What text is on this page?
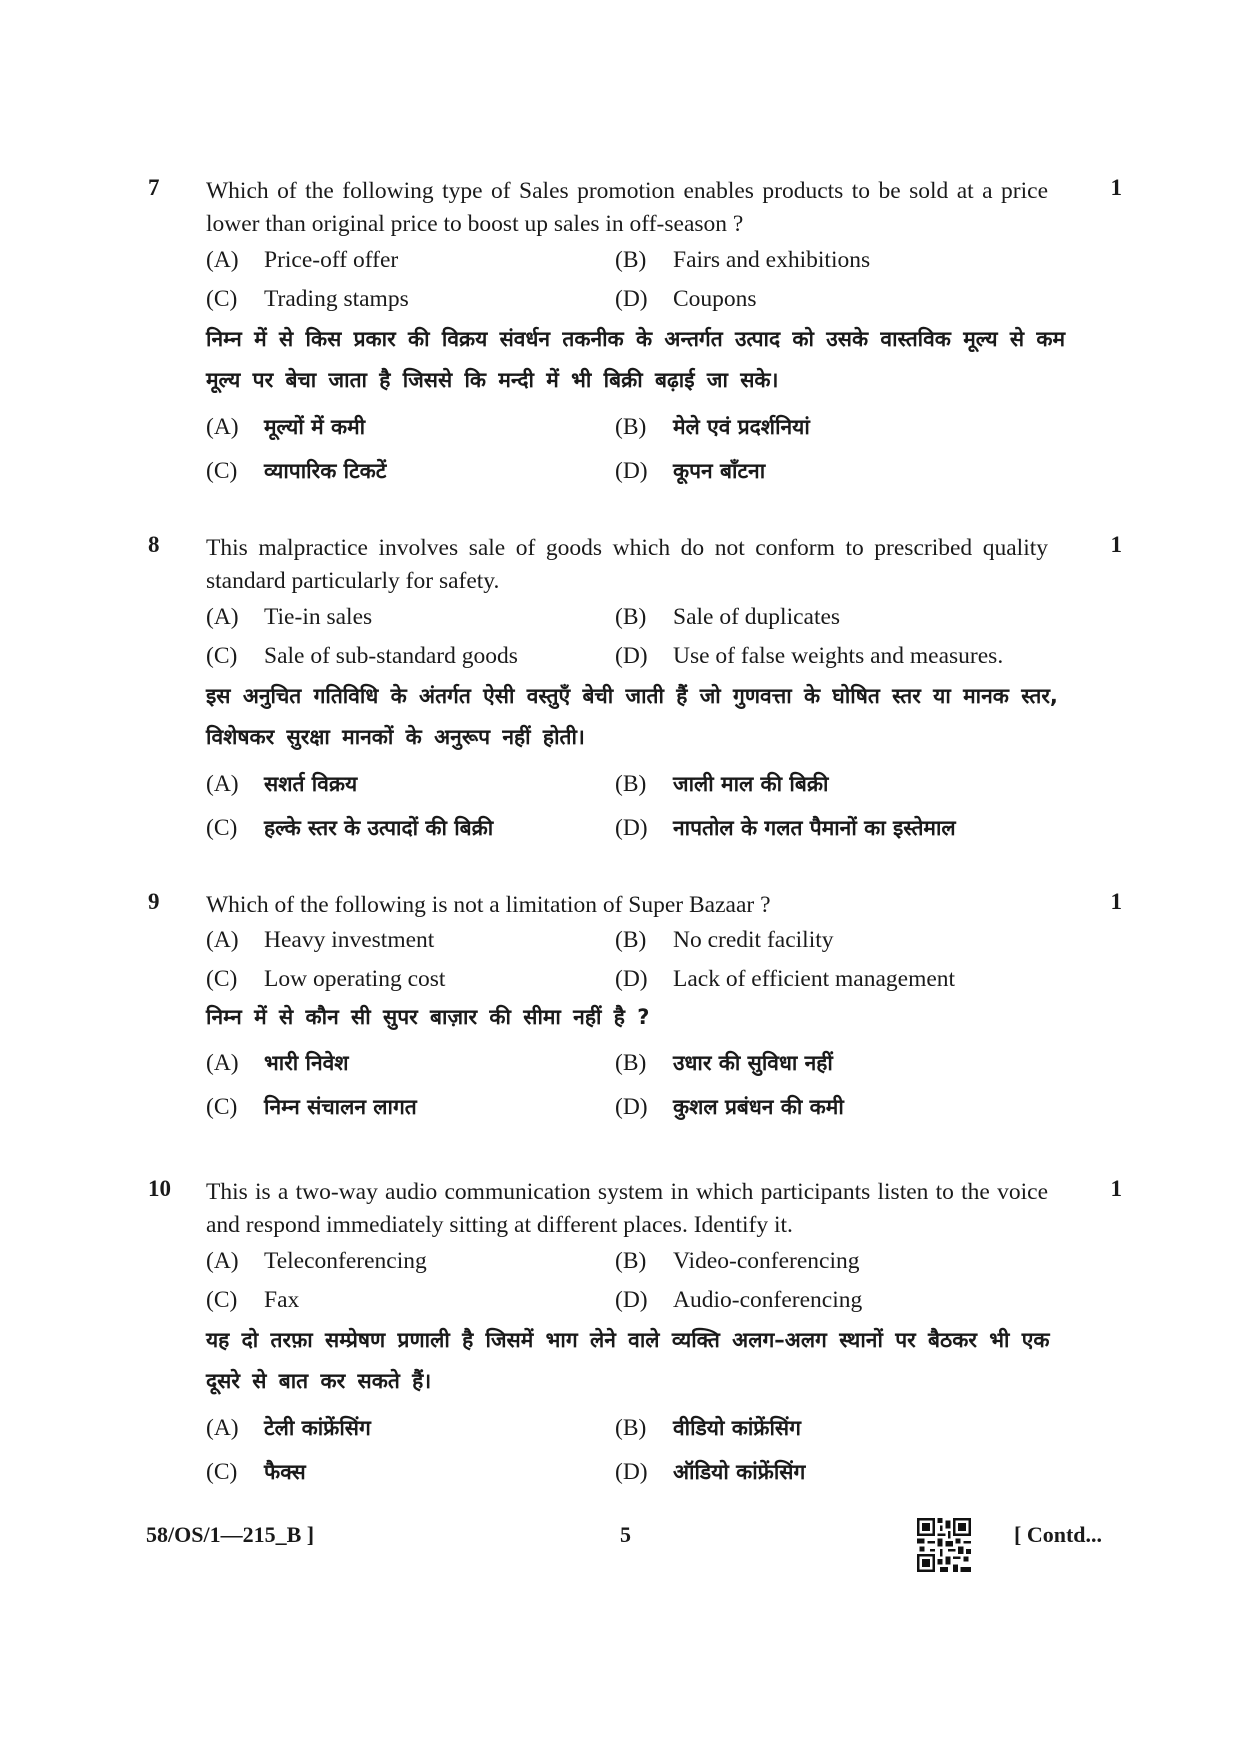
7	1
Which of the following type of Sales promotion enables products to be sold at a price lower than original price to boost up sales in off-season ?
(A) Price-off offer	(B) Fairs and exhibitions
(C) Trading stamps	(D) Coupons
निम्न में से किस प्रकार की विक्रय संवर्धन तकनीक के अन्तर्गत उत्पाद को उसके वास्तविक मूल्य से कम मूल्य पर बेचा जाता है जिससे कि मन्दी में भी बिक्री बढ़ाई जा सके।
(A) मूल्यों में कमी	(B) मेले एवं प्रदर्शनियां
(C) व्यापारिक टिकटें	(D) कूपन बाँटना
8	1
This malpractice involves sale of goods which do not conform to prescribed quality standard particularly for safety.
(A) Tie-in sales	(B) Sale of duplicates
(C) Sale of sub-standard goods	(D) Use of false weights and measures.
इस अनुचित गतिविधि के अंतर्गत ऐसी वस्तुएँ बेची जाती हैं जो गुणवत्ता के घोषित स्तर या मानक स्तर, विशेषकर सुरक्षा मानकों के अनुरूप नहीं होती।
(A) सशर्त विक्रय	(B) जाली माल की बिक्री
(C) हल्के स्तर के उत्पादों की बिक्री	(D) नापतोल के गलत पैमानों का इस्तेमाल
9	1
Which of the following is not a limitation of Super Bazaar ?
(A) Heavy investment	(B) No credit facility
(C) Low operating cost	(D) Lack of efficient management
निम्न में से कौन सी सुपर बाज़ार की सीमा नहीं है ?
(A) भारी निवेश	(B) उधार की सुविधा नहीं
(C) निम्न संचालन लागत	(D) कुशल प्रबंधन की कमी
10	1
This is a two-way audio communication system in which participants listen to the voice and respond immediately sitting at different places. Identify it.
(A) Teleconferencing	(B) Video-conferencing
(C) Fax	(D) Audio-conferencing
यह दो तरफ़ा सम्प्रेषण प्रणाली है जिसमें भाग लेने वाले व्यक्ति अलग–अलग स्थानों पर बैठकर भी एक दूसरे से बात कर सकते हैं।
(A) टेली कांफ्रेंसिंग	(B) वीडियो कांफ्रेंसिंग
(C) फैक्स	(D) ऑडियो कांफ्रेंसिंग
58/OS/1—215_B ]	5	[ Contd...
